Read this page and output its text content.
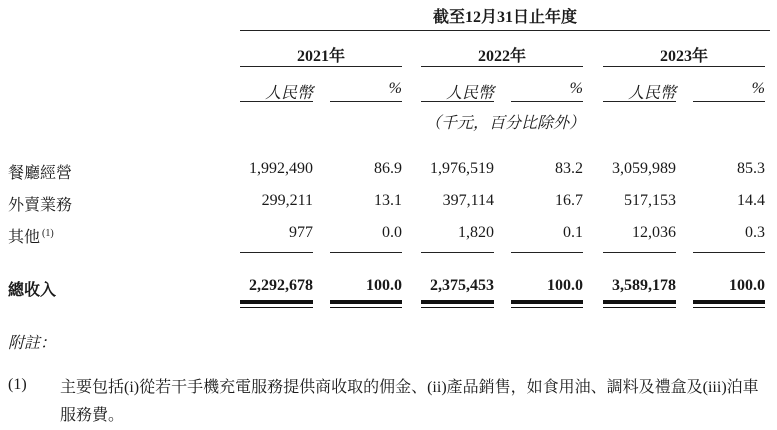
截至12月31日止年度
2021年	2022年	2023年
人民幣	%	人民幣	%	人民幣	%
（千元，百分比除外）
餐廳經營	1,992,490	86.9	1,976,519	83.2	3,059,989	85.3
外賣業務	299,211	13.1	397,114	16.7	517,153	14.4
其他 $^{(1)}$	977	0.0	1,820	0.1	12,036	0.3
總收入	2,292,678	100.0	2,375,453	100.0	3,589,178	100.0
附註：
(1) 主要包括(i)從若干手機充電服務提供商收取的佣金、(ii)產品銷售，如食用油、調料及禮盒及(iii)泊車服務費。
